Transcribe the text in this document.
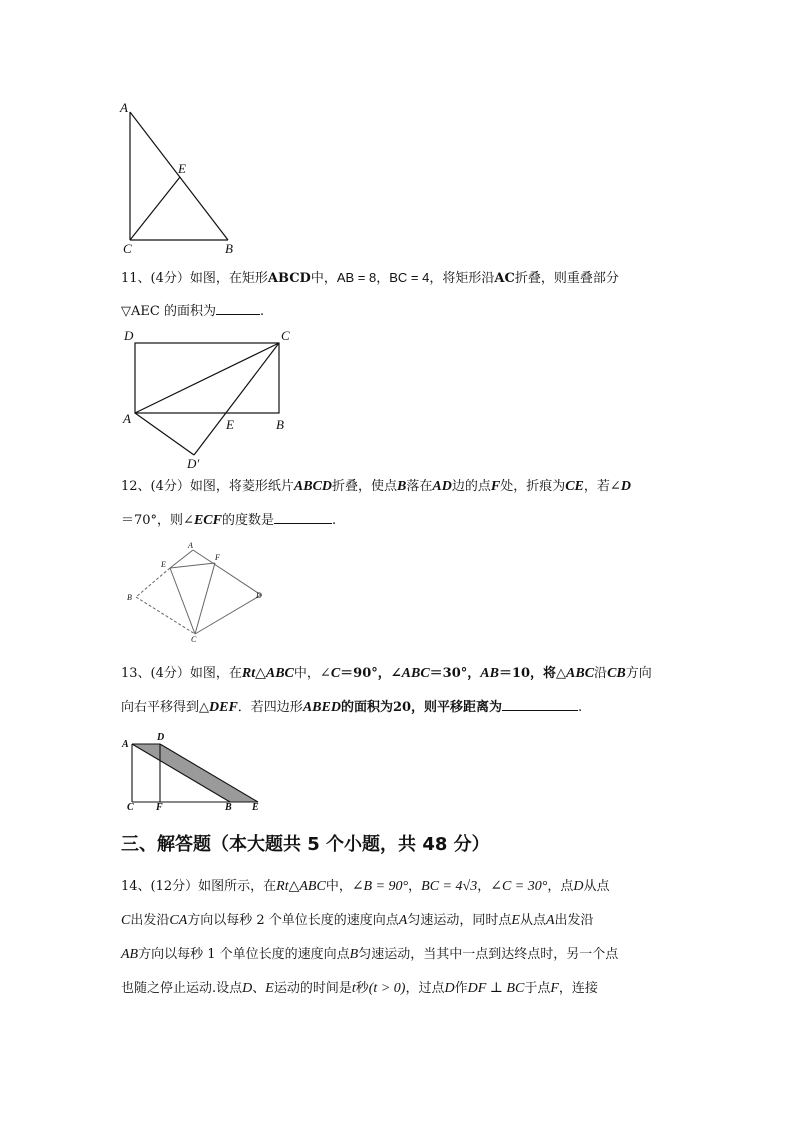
A
E
C	B
11、(4分）如图，在矩形ABCD中，AB = 8，BC = 4，将矩形沿AC折叠，则重叠部分
▽AEC 的面积为	.
D	C
A	E	B
D′
12、(4分）如图，将菱形纸片ABCD折叠，使点B落在AD边的点F处，折痕为CE，若∠D
＝70°，则∠ECF的度数是	.
A
E
F
B	D
C
13、(4分）如图，在Rt△ABC中，∠C＝90°，∠ABC＝30°，AB＝10，将△ABC沿CB方向
向右平移得到△DEF．若四边形ABED的面积为20，则平移距离为	.
A
D
C F	B E
三、解答题（本大题共 5 个小题，共 48 分）
14、(12分）如图所示，在Rt△ABC中，∠B = 90°，BC = 4√3，∠C = 30°，点D从点
C出发沿CA方向以每秒 2 个单位长度的速度向点A匀速运动，同时点E从点A出发沿
AB方向以每秒 1 个单位长度的速度向点B匀速运动，当其中一点到达终点时，另一个点
也随之停止运动.设点D、E运动的时间是t秒(t > 0)，过点D作DF ⊥ BC于点F，连接
